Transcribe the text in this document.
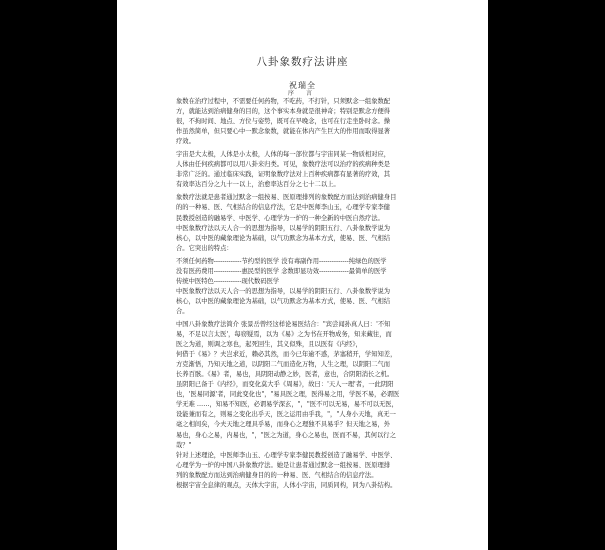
八卦象数疗法讲座
祝瑞全
序 言
象数在治疗过程中，不需要任何药物，不吃药，不打针，只须默念一组象数配
方，就能达到治病健身的目的，这个事实本身就是很神奇；特别是默念方便得
很，不拘时间、地点、方位与姿势，既可在早晚念，也可在行走坐卧时念。操
作虽然简单，但只要心中一默念象数，就能在体内产生巨大的作用而取得显著
疗效。
宇宙是大太极，人体是小太极，人体的每一部位都与宇宙同某一物质相对应，
人体由任何疾病都可以用八卦来归类。可见，象数疗法可以治疗的疾病种类是
非常广泛的。通过临床实践，证明象数疗法对上百种疾病都有显著的疗效，其
有效率达百分之九十一以上，治愈率达百分之七十二以上。
象数疗法就是患者通过默念一组按易、医原理排列的象数配方而达到治病健身目
的的一种易、医、气相结合的信息疗法，它是中医师李山玉，心理学专家李健
民教授创造的融易学、中医学、心理学为一炉的一种全新的中医自然疗法。
中医象数疗法以天人合一的思想为指导，以易学的阴阳五行、八卦象数学说为
核心，以中医的藏象理论为基础，以气功默念为基本方式，使易、医、气相结
合。它突出的特点：
不须任何药物-------------节约型的医学 没有毒副作用--------------纯绿色的医学
没有医药费用-------------惠民型的医学 念数即显功效--------------最简单的医学
传统中医特色-------------现代数码医学
中医象数疗法以天人合一的思想为指导，以易学的阴阳五行、八卦象数学说为
核心，以中医的藏象理论为基础，以气功默念为基本方式，使易、医、气相结
合。
中国八卦象数疗法简介 张景岳曾经这样论易医结合："宾尝闻孙真人曰：'不知
易，不足以言太医'，每窃疑焉，以为《易》之为书在开物成务，知来藏往，而
医之为道，则调之寒也，起死回生，其义似殊，且以医有《内经》，
何借于《易》？夫岂求近，赖必其然，而今已年逾不惑，茅塞稍开，学知知差，
方克渐悟，乃知天地之道，以阴阳二气而造化万物，人生之理，以阴阳二气而
长养百骸。《易》者，易也，具阴阳动静之妙，医者，意也，合阴阳消长之机。
虽阴阳已备于《内经》，而变化莫大乎《周易》，故曰：'天人一理'者，一此阴阳
也，'医易同源'者，同此变化也"，"易具医之理，医得易之用，学医不易，必谓医
学无难 ……，知易不知医，必谓易学深玄，"，"医不可以无易，易不可以无医，
设能兼而有之，则易之变化出乎天，医之运用由乎我，"，"人身小天地，真无一
毫之相间矣，今夫天地之理具乎易，而身心之理独不具易乎？但天地之易，外
易也，身心之易，内易也，"，"医之为道，身心之易也，医而不易，其何以行之
哉？"
针对上述理论，中医师李山玉、心理学专家李健民教授创造了融易学、中医学、
心理学为一炉的中国八卦象数疗法。她是让患者通过默念一组按易、医原理排
列的象数配方而达到治病健身目的的一种易、医、气相结合的信息疗法。
根据宇宙全息律的观点，天体大宇宙，人体小宇宙，同质同构，同为八卦结构。
